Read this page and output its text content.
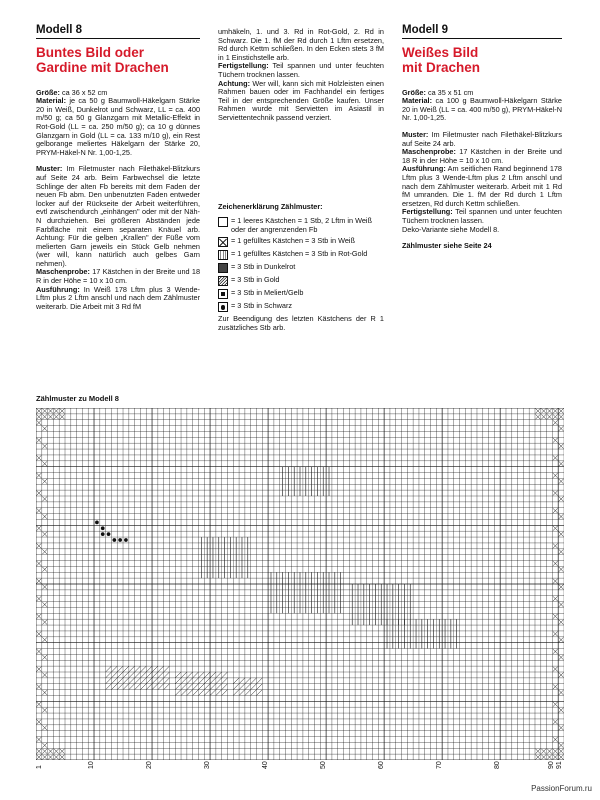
Modell 8
Buntes Bild oder
Gardine mit Drachen

Größe: ca 36 x 52 cm

Material: je ca 50 g Baumwoll-Häkelgarn Stärke 20 in Weiß, Dunkelrot und Schwarz, LL = ca. 400 m/50 g; ca 50 g Glanzgarn mit Metallic-Effekt in Rot-Gold (LL = ca. 250 m/50 g); ca 10 g dünnes Glanzgarn in Gold (LL = ca. 133 m/10 g), ein Rest gelborange meliertes Häkelgarn der Stärke 20, PRYM-Häkel-N Nr. 1,00-1,25.

Muster: Im Filetmuster nach Filethäkel-Blitzkurs auf Seite 24 arb. Beim Farbwechsel die letzte Schlinge der alten Fb bereits mit dem Faden der neuen Fb abm. Den unbenutzten Faden entweder locker auf der Rückseite der Arbeit weiterführen, evtl zwischendurch „einhängen" oder mit der Näh-N durchziehen. Bei größeren Abständen jede Farbfläche mit einem separaten Knäuel arb. Achtung: Für die gelben „Krallen" der Füße vom melierten Garn jeweils ein Stück Gelb nehmen (wer will, kann natürlich auch gelbes Garn nehmen).

Maschenprobe: 17 Kästchen in der Breite und 18 R in der Höhe = 10 x 10 cm.

Ausführung: In Weiß 178 Lftm plus 3 Wende-Lftm plus 2 Lftm anschl und nach dem Zählmuster weiterarb. Die Arbeit mit 3 Rd fM

umhäkeln, 1. und 3. Rd in Rot-Gold, 2. Rd in Schwarz. Die 1. fM der Rd durch 1 Lftm ersetzen, Rd durch Kettm schließen. In den Ecken stets 3 fM in 1 Einstichstelle arb.

Fertigstellung: Teil spannen und unter feuchten Tüchern trocknen lassen.

Achtung: Wer will, kann sich mit Holzleisten einen Rahmen bauen oder im Fachhandel ein fertiges Teil in der entsprechenden Größe kaufen. Unser Rahmen wurde mit Servietten im Asiastil in Serviettentechnik passend verziert.

Zeichenerklärung Zählmuster:
= 1 leeres Kästchen = 1 Stb, 2 Lftm in Weiß oder der angrenzenden Fb
= 1 gefülltes Kästchen = 3 Stb in Weiß
= 1 gefülltes Kästchen = 3 Stb in Rot-Gold
= 3 Stb in Dunkelrot
= 3 Stb in Gold
= 3 Stb in Meliert/Gelb
= 3 Stb in Schwarz

Zur Beendigung des letzten Kästchens der R 1 zusätzliches Stb arb.

Modell 9
Weißes Bild
mit Drachen

Größe: ca 35 x 51 cm

Material: ca 100 g Baumwoll-Häkelgarn Stärke 20 in Weiß (LL = ca. 400 m/50 g), PRYM-Häkel-N Nr. 1,00-1,25.

Muster: Im Filetmuster nach Filethäkel-Blitzkurs auf Seite 24 arb.

Maschenprobe: 17 Kästchen in der Breite und 18 R in der Höhe = 10 x 10 cm.

Ausführung: Am seitlichen Rand beginnend 178 Lftm plus 3 Wende-Lftm plus 2 Lftm anschl und nach dem Zählmuster weiterarb. Arbeit mit 1 Rd fM umranden. Die 1. fM der Rd durch 1 Lftm ersetzen, Rd durch Kettm schließen.

Fertigstellung: Teil spannen und unter feuchten Tüchern trocknen lassen.

Deko-Variante siehe Modell 8.

Zählmuster siehe Seite 24

Zählmuster zu Modell 8
1	10	20	30	40	50	60	70	80	90 91
PassionForum.ru
